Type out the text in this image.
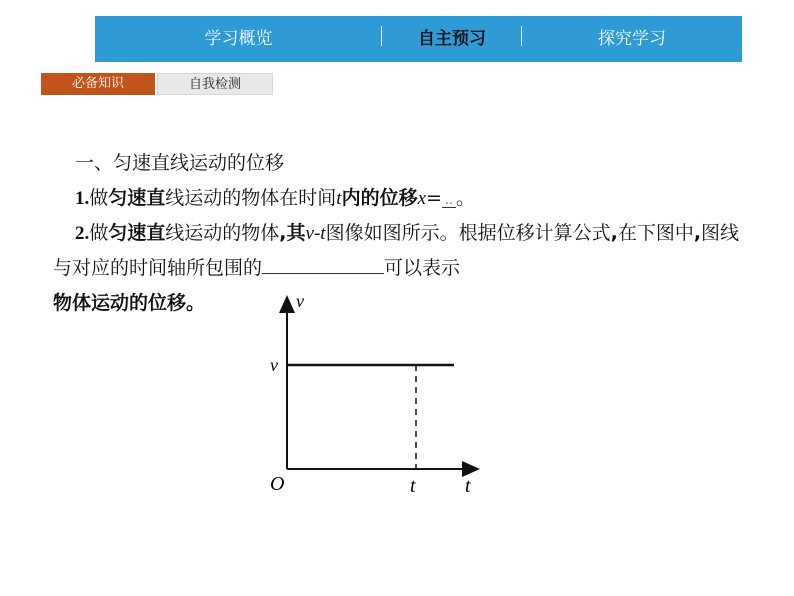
学习概览	自主预习	探究学习
必备知识	自我检测
一、匀速直线运动的位移
1.做匀速直线运动的物体在时间t内的位移x= .. 。
2.做匀速直线运动的物体,其v-t图像如图所示。根据位移计算公式,在下图中,图线与对应的时间轴所包围的	可以表示
物体运动的位移。	v
v
O	t t
